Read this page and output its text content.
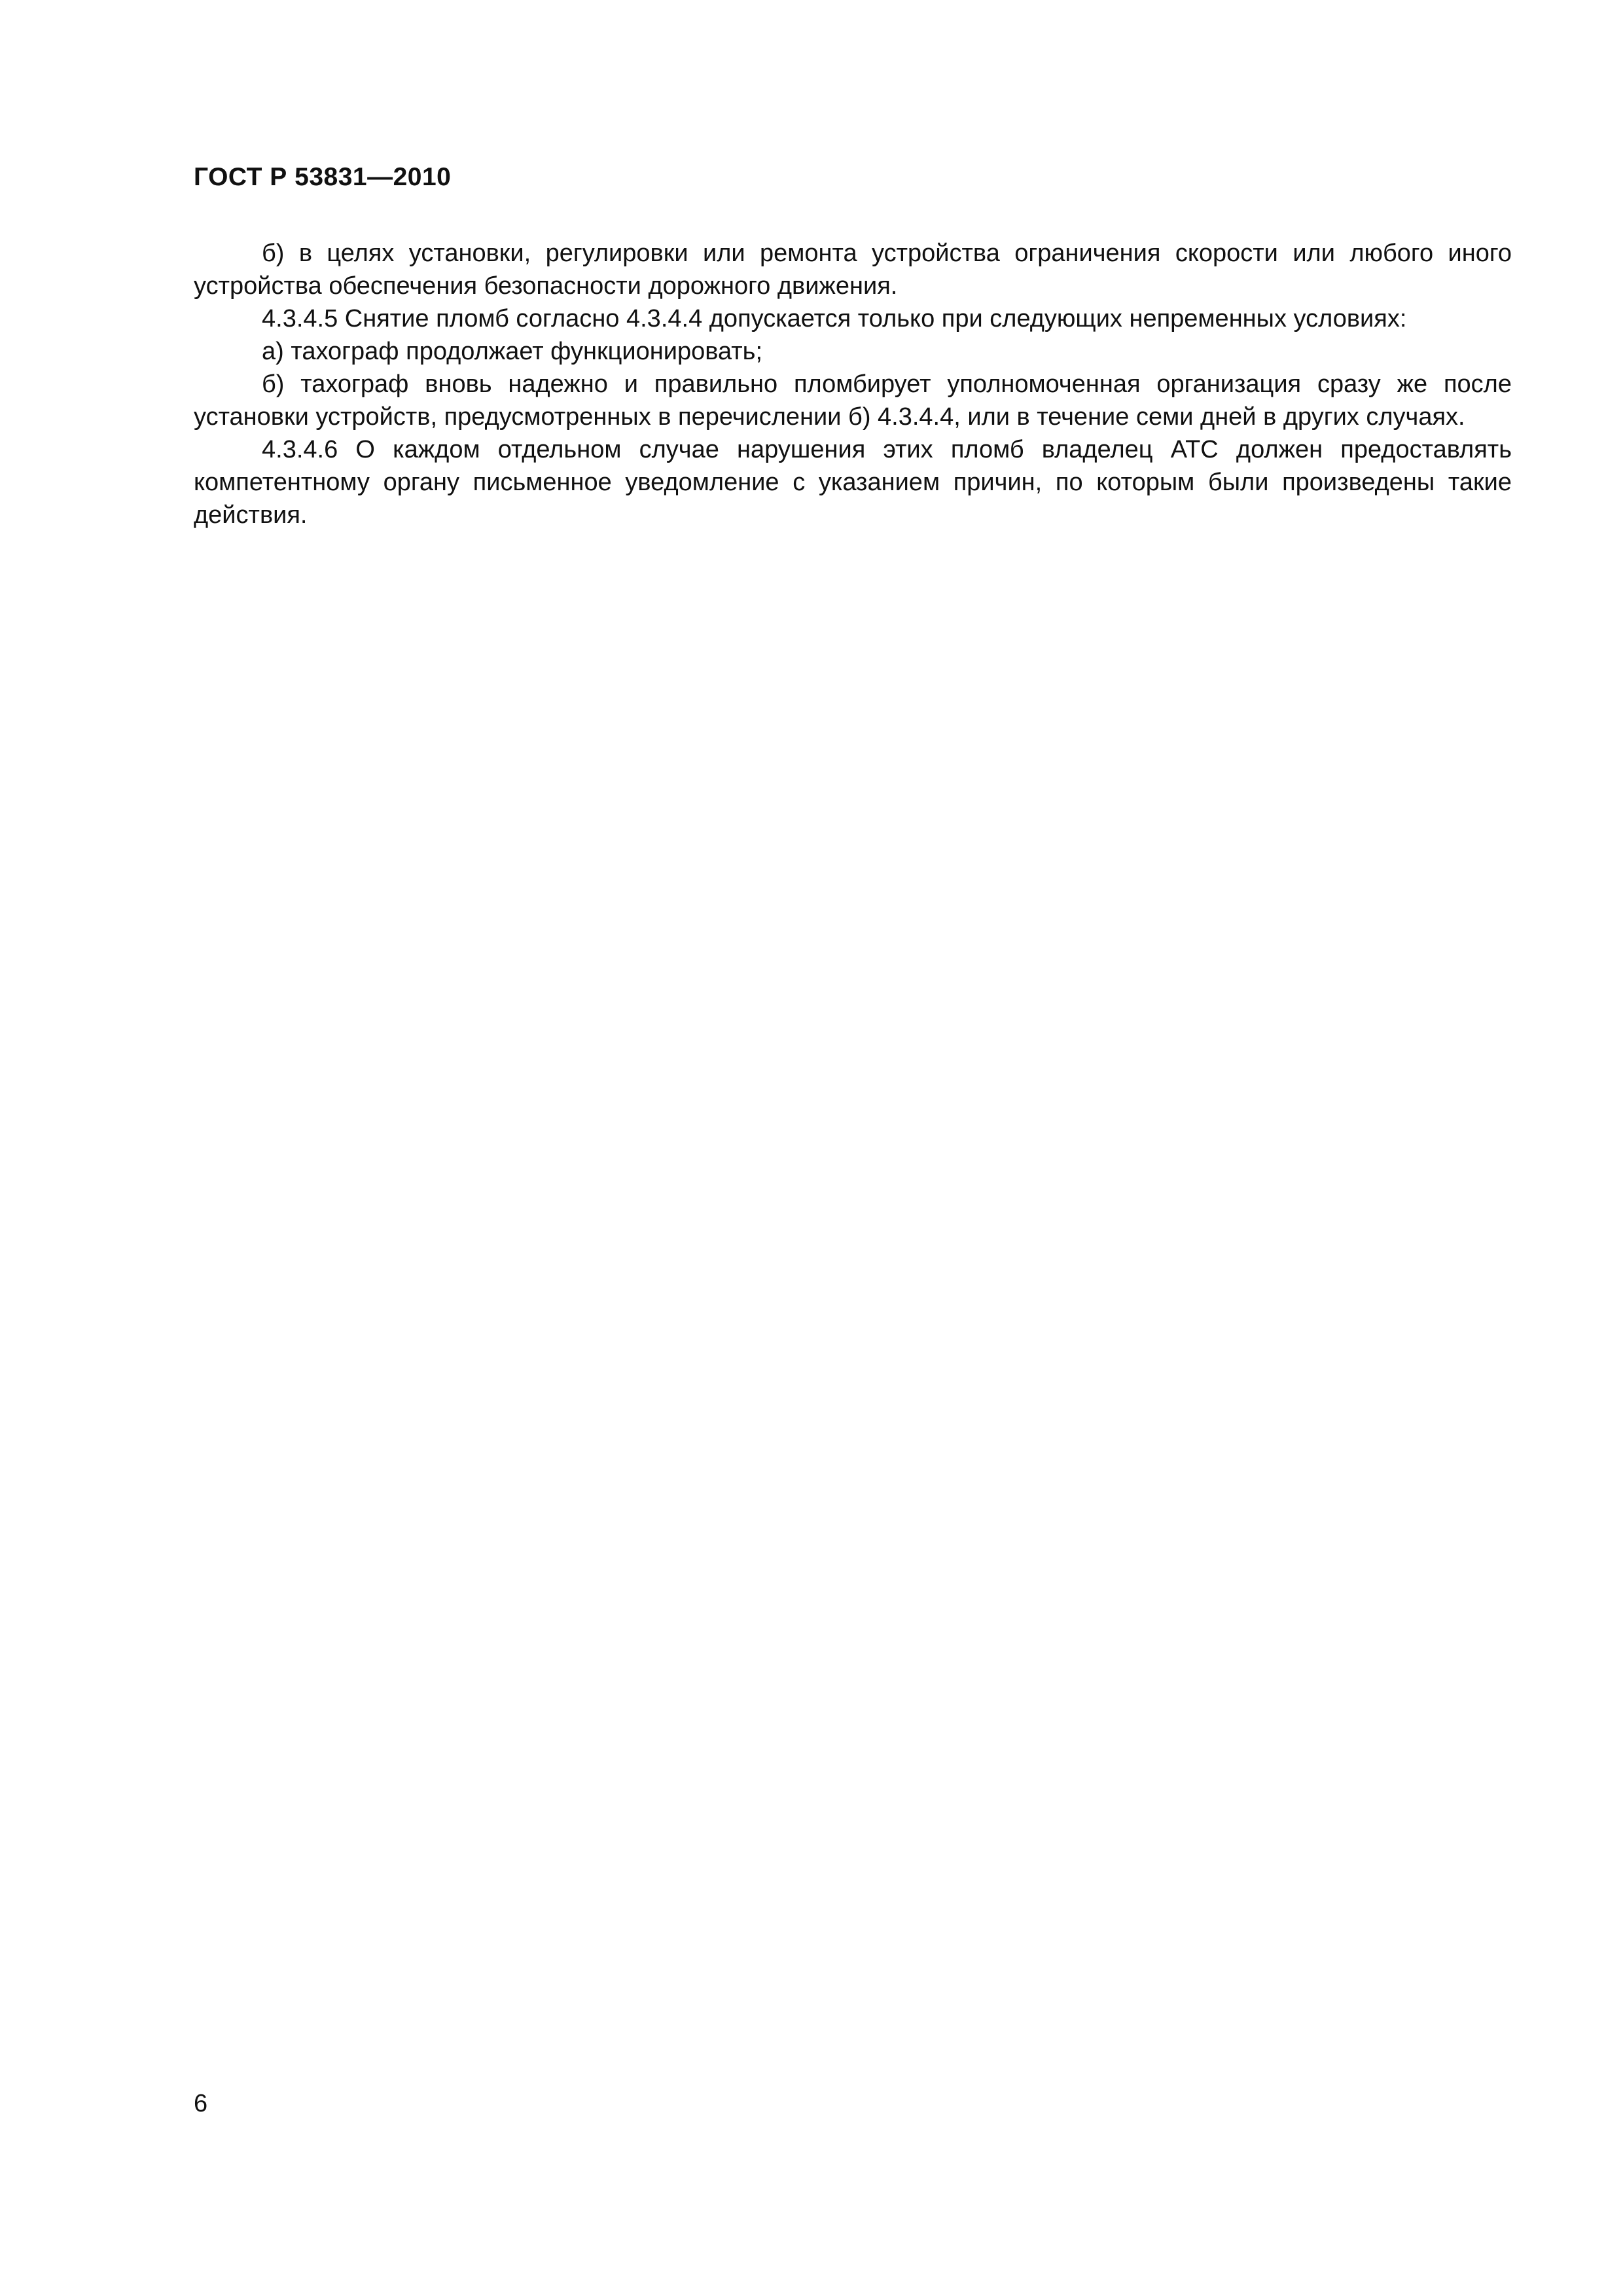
ГОСТ Р 53831—2010

б) в целях установки, регулировки или ремонта устройства ограничения скорости или любого иного устройства обеспечения безопасности дорожного движения.

4.3.4.5 Снятие пломб согласно 4.3.4.4 допускается только при следующих непременных условиях:

а) тахограф продолжает функционировать;

б) тахограф вновь надежно и правильно пломбирует уполномоченная организация сразу же после установки устройств, предусмотренных в перечислении б) 4.3.4.4, или в течение семи дней в других случаях.

4.3.4.6 О каждом отдельном случае нарушения этих пломб владелец АТС должен предоставлять компетентному органу письменное уведомление с указанием причин, по которым были произведены такие действия.

6
